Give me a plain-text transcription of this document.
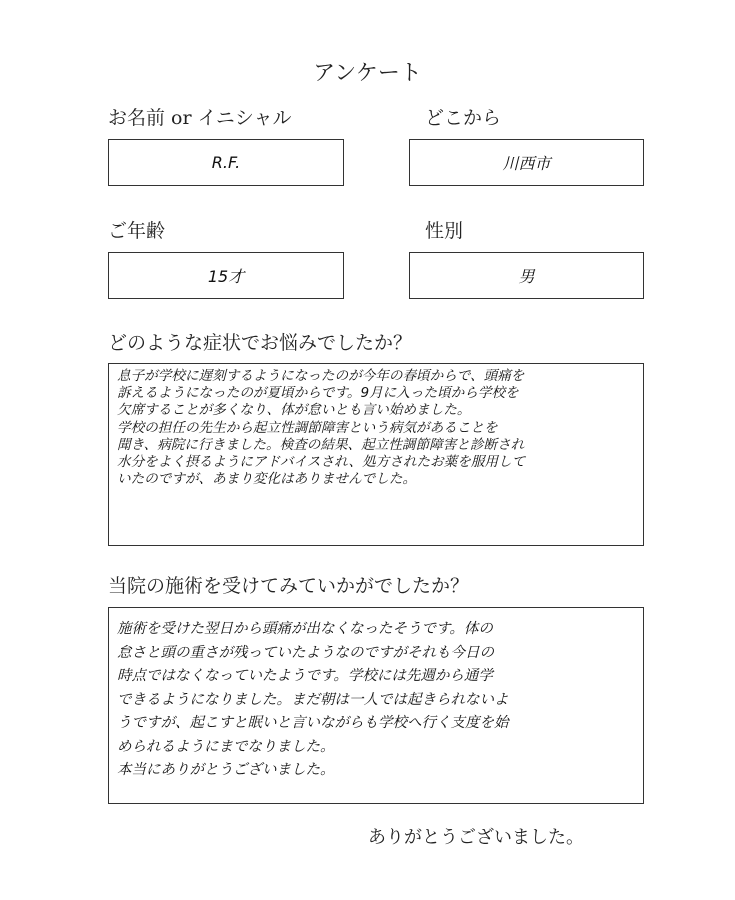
アンケート
お名前 or イニシャル	どこから
R.F.	川西市
ご年齢	性別
15才	男
どのような症状でお悩みでしたか？
息子が学校に遅刻するようになったのが今年の春頃からで、頭痛を
訴えるようになったのが夏頃からです。9月に入った頃から学校を
欠席することが多くなり、体が怠いとも言い始めました。
学校の担任の先生から起立性調節障害という病気があることを
聞き、病院に行きました。検査の結果、起立性調節障害と診断され
水分をよく摂るようにアドバイスされ、処方されたお薬を服用して
いたのですが、あまり変化はありませんでした。
当院の施術を受けてみていかがでしたか？
施術を受けた翌日から頭痛が出なくなったそうです。体の
怠さと頭の重さが残っていたようなのですがそれも今日の
時点ではなくなっていたようです。学校には先週から通学
できるようになりました。まだ朝は一人では起きられないよ
うですが、起こすと眠いと言いながらも学校へ行く支度を始
められるようにまでなりました。
本当にありがとうございました。
ありがとうございました。
